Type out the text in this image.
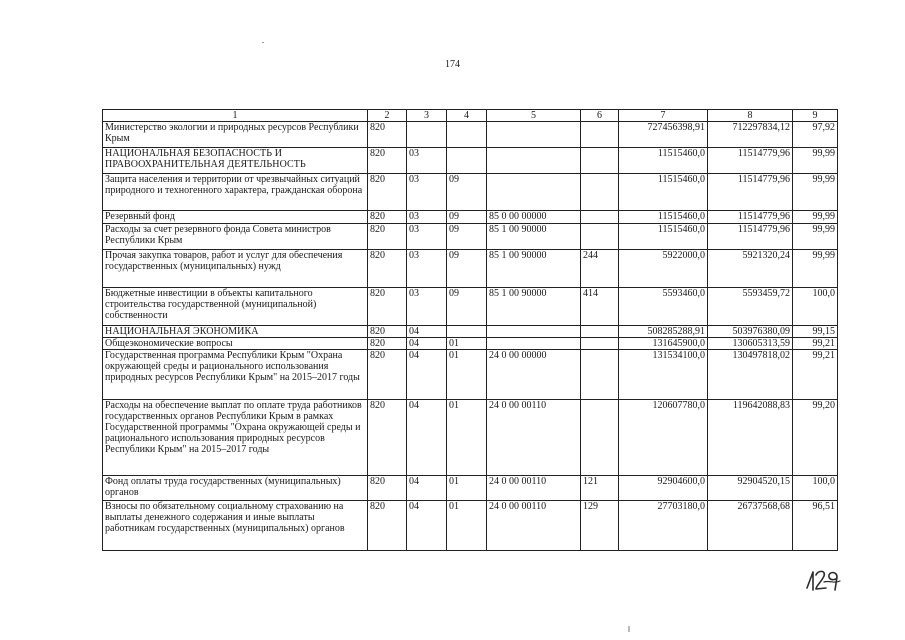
174
1	2	3	4	5	6	7	8	9
Министерство экологии и природных ресурсов Республики Крым	820					727456398,91	712297834,12	97,92
НАЦИОНАЛЬНАЯ БЕЗОПАСНОСТЬ И ПРАВООХРАНИТЕЛЬНАЯ ДЕЯТЕЛЬНОСТЬ	820	03				11515460,0	11514779,96	99,99
Защита населения и территории от чрезвычайных ситуаций природного и техногенного характера, гражданская оборона	820	03	09			11515460,0	11514779,96	99,99
Резервный фонд	820	03	09	85 0 00 00000		11515460,0	11514779,96	99,99
Расходы за счет резервного фонда Совета министров Республики Крым	820	03	09	85 1 00 90000		11515460,0	11514779,96	99,99
Прочая закупка товаров, работ и услуг для обеспечения государственных (муниципальных) нужд	820	03	09	85 1 00 90000	244	5922000,0	5921320,24	99,99
Бюджетные инвестиции в объекты капитального строительства государственной (муниципальной) собственности	820	03	09	85 1 00 90000	414	5593460,0	5593459,72	100,0
НАЦИОНАЛЬНАЯ ЭКОНОМИКА	820	04				508285288,91	503976380,09	99,15
Общеэкономические вопросы	820	04	01			131645900,0	130605313,59	99,21
Государственная программа Республики Крым "Охрана окружающей среды и рационального использования природных ресурсов Республики Крым" на 2015–2017 годы	820	04	01	24 0 00 00000		131534100,0	130497818,02	99,21
Расходы на обеспечение выплат по оплате труда работников государственных органов Республики Крым в рамках Государственной программы "Охрана окружающей среды и рационального использования природных ресурсов Республики Крым" на 2015–2017 годы	820	04	01	24 0 00 00110		120607780,0	119642088,83	99,20
Фонд оплаты труда государственных (муниципальных) органов	820	04	01	24 0 00 00110	121	92904600,0	92904520,15	100,0
Взносы по обязательному социальному страхованию на выплаты денежного содержания и иные выплаты работникам государственных (муниципальных) органов	820	04	01	24 0 00 00110	129	27703180,0	26737568,68	96,51
